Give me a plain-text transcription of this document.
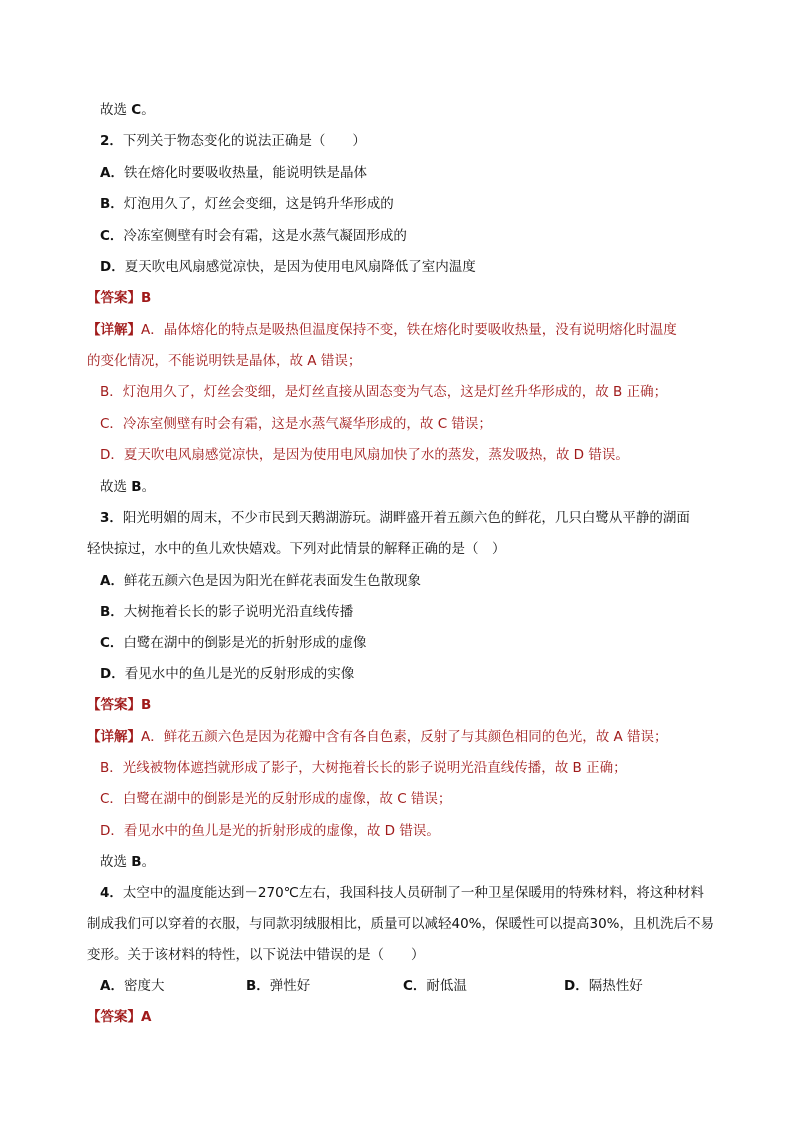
故选 C。
2．下列关于物态变化的说法正确是（　　）
A．铁在熔化时要吸收热量，能说明铁是晶体
B．灯泡用久了，灯丝会变细，这是钨升华形成的
C．冷冻室侧壁有时会有霜，这是水蒸气凝固形成的
D．夏天吹电风扇感觉凉快，是因为使用电风扇降低了室内温度
【答案】B
【详解】A．晶体熔化的特点是吸热但温度保持不变，铁在熔化时要吸收热量，没有说明熔化时温度
的变化情况，不能说明铁是晶体，故 A 错误；
B．灯泡用久了，灯丝会变细，是灯丝直接从固态变为气态，这是灯丝升华形成的，故 B 正确；
C．冷冻室侧壁有时会有霜，这是水蒸气凝华形成的，故 C 错误；
D．夏天吹电风扇感觉凉快，是因为使用电风扇加快了水的蒸发，蒸发吸热，故 D 错误。
故选 B。
3．阳光明媚的周末，不少市民到天鹅湖游玩。湖畔盛开着五颜六色的鲜花，几只白鹭从平静的湖面
轻快掠过，水中的鱼儿欢快嬉戏。下列对此情景的解释正确的是（　）
A．鲜花五颜六色是因为阳光在鲜花表面发生色散现象
B．大树拖着长长的影子说明光沿直线传播
C．白鹭在湖中的倒影是光的折射形成的虚像
D．看见水中的鱼儿是光的反射形成的实像
【答案】B
【详解】A．鲜花五颜六色是因为花瓣中含有各自色素，反射了与其颜色相同的色光，故 A 错误；
B．光线被物体遮挡就形成了影子，大树拖着长长的影子说明光沿直线传播，故 B 正确；
C．白鹭在湖中的倒影是光的反射形成的虚像，故 C 错误；
D．看见水中的鱼儿是光的折射形成的虚像，故 D 错误。
故选 B。
4．太空中的温度能达到－270℃左右，我国科技人员研制了一种卫星保暖用的特殊材料，将这种材料
制成我们可以穿着的衣服，与同款羽绒服相比，质量可以减轻40%，保暖性可以提高30%，且机洗后不易
变形。关于该材料的特性，以下说法中错误的是（　　）
A．密度大	B．弹性好	C．耐低温	D．隔热性好
【答案】A
